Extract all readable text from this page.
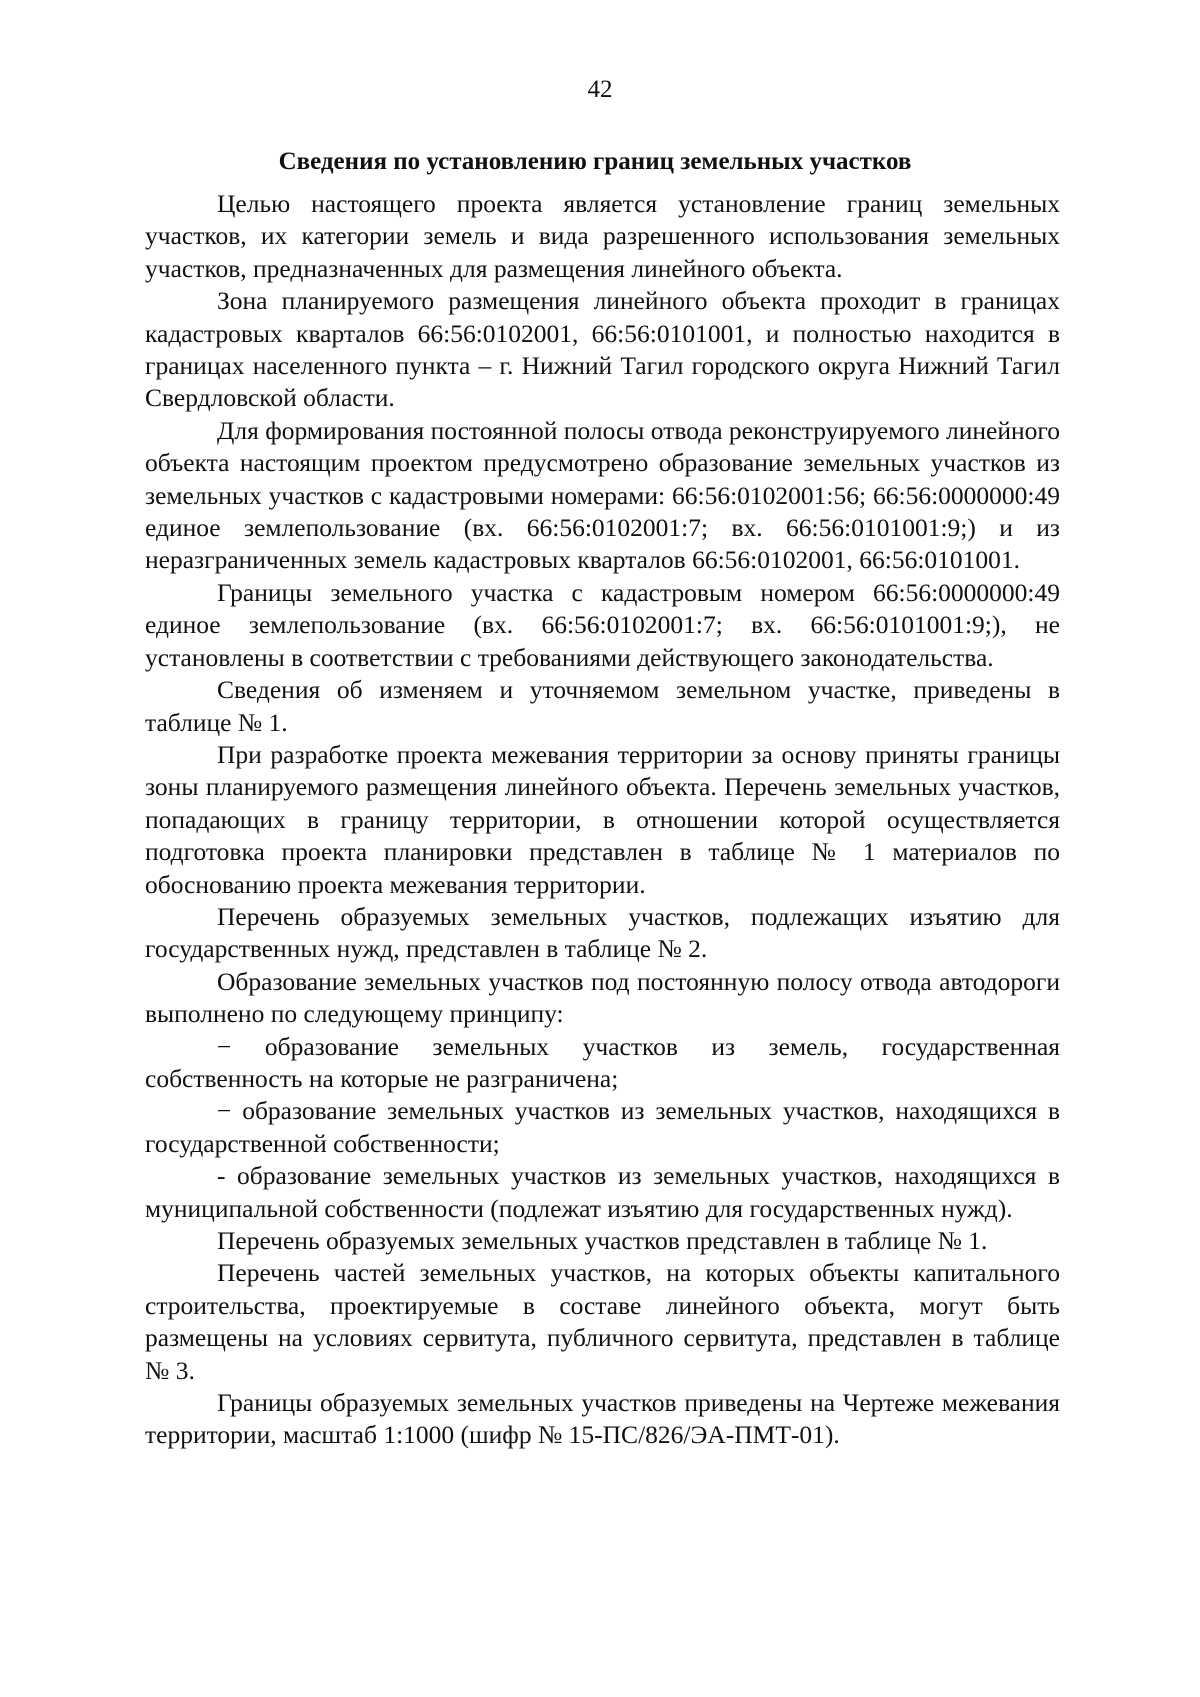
42
Сведения по установлению границ земельных участков

Целью настоящего проекта является установление границ земельных участков, их категории земель и вида разрешенного использования земельных участков, предназначенных для размещения линейного объекта.

Зона планируемого размещения линейного объекта проходит в границах кадастровых кварталов 66:56:0102001, 66:56:0101001, и полностью находится в границах населенного пункта – г. Нижний Тагил городского округа Нижний Тагил Свердловской области.

Для формирования постоянной полосы отвода реконструируемого линейного объекта настоящим проектом предусмотрено образование земельных участков из земельных участков с кадастровыми номерами: 66:56:0102001:56; 66:56:0000000:49 единое землепользование (вх. 66:56:0102001:7; вх. 66:56:0101001:9;) и из неразграниченных земель кадастровых кварталов 66:56:0102001, 66:56:0101001.

Границы земельного участка с кадастровым номером 66:56:0000000:49 единое землепользование (вх. 66:56:0102001:7; вх. 66:56:0101001:9;), не установлены в соответствии с требованиями действующего законодательства.

Сведения об изменяем и уточняемом земельном участке, приведены в таблице № 1.

При разработке проекта межевания территории за основу приняты границы зоны планируемого размещения линейного объекта. Перечень земельных участков, попадающих в границу территории, в отношении которой осуществляется подготовка проекта планировки представлен в таблице № 1 материалов по обоснованию проекта межевания территории.

Перечень образуемых земельных участков, подлежащих изъятию для государственных нужд, представлен в таблице № 2.

Образование земельных участков под постоянную полосу отвода автодороги выполнено по следующему принципу:

− образование земельных участков из земель, государственная собственность на которые не разграничена;

− образование земельных участков из земельных участков, находящихся в государственной собственности;

- образование земельных участков из земельных участков, находящихся в муниципальной собственности (подлежат изъятию для государственных нужд).

Перечень образуемых земельных участков представлен в таблице № 1.

Перечень частей земельных участков, на которых объекты капитального строительства, проектируемые в составе линейного объекта, могут быть размещены на условиях сервитута, публичного сервитута, представлен в таблице № 3.

Границы образуемых земельных участков приведены на Чертеже межевания территории, масштаб 1:1000 (шифр № 15-ПС/826/ЭА-ПМТ-01).
